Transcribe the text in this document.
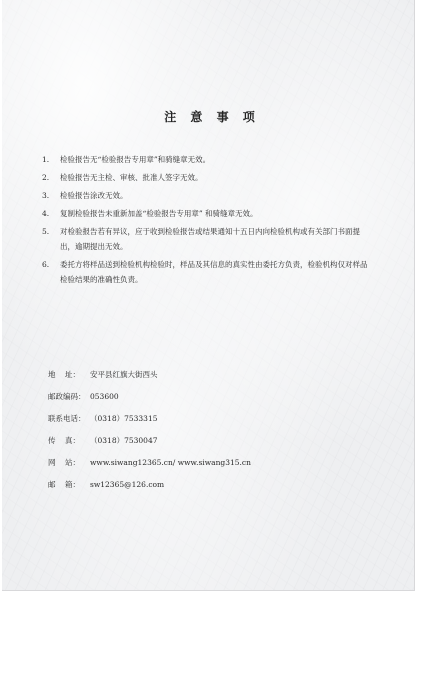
注 意 事 项
1. 检验报告无“检验报告专用章”和骑缝章无效。
2. 检验报告无主检、审核、批准人签字无效。
3. 检验报告涂改无效。
4. 复制检验报告未重新加盖“检验报告专用章” 和骑缝章无效。
5. 对检验报告若有异议，应于收到检验报告或结果通知十五日内向检验机构或有关部门书面提出，逾期提出无效。
6. 委托方将样品送到检验机构检验时，样品及其信息的真实性由委托方负责，检验机构仅对样品检验结果的准确性负责。
地    址：	安平县红旗大街西头
邮政编码： 053600
联系电话： （0318）7533315
传    真：	（0318）7530047
网    站：	www.siwang12365.cn/ www.siwang315.cn
邮    箱：	sw12365@126.com
